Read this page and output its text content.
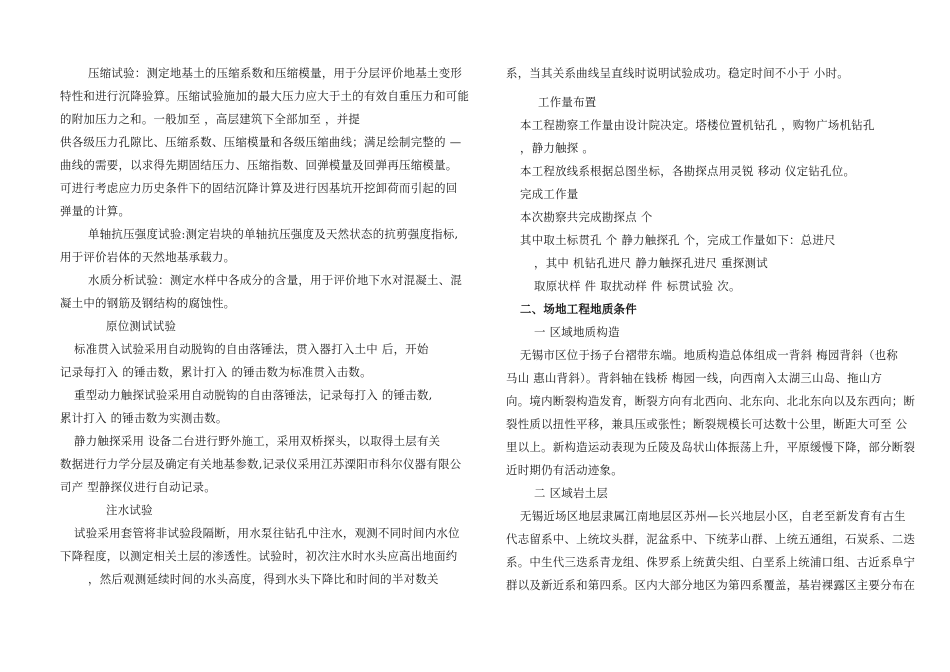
压缩试验：测定地基土的压缩系数和压缩模量，用于分层评价地基土变形
特性和进行沉降验算。压缩试验施加的最大压力应大于土的有效自重压力和可能
的附加压力之和。一般加至 ，高层建筑下全部加至 ，并提
供各级压力孔隙比、压缩系数、压缩模量和各级压缩曲线；满足绘制完整的 —
曲线的需要，以求得先期固结压力、压缩指数、回弹模量及回弹再压缩模量。
可进行考虑应力历史条件下的固结沉降计算及进行因基坑开挖卸荷而引起的回
弹量的计算。
单轴抗压强度试验:测定岩块的单轴抗压强度及天然状态的抗剪强度指标,
用于评价岩体的天然地基承载力。
水质分析试验：测定水样中各成分的含量，用于评价地下水对混凝土、混
凝土中的钢筋及钢结构的腐蚀性。
原位测试试验
标准贯入试验采用自动脱钩的自由落锤法，贯入器打入土中 后，开始
记录每打入 的锤击数，累计打入 的锤击数为标准贯入击数。
重型动力触探试验采用自动脱钩的自由落锤法，记录每打入 的锤击数,
累计打入 的锤击数为实测击数。
静力触探采用 设备二台进行野外施工，采用双桥探头，以取得土层有关
数据进行力学分层及确定有关地基参数,记录仪采用江苏溧阳市科尔仪器有限公
司产 型静探仪进行自动记录。
注水试验
试验采用套管将非试验段隔断，用水泵往钻孔中注水，观测不同时间内水位
下降程度，以测定相关土层的渗透性。试验时，初次注水时水头应高出地面约
，然后观测延续时间的水头高度，得到水头下降比和时间的半对数关
系，当其关系曲线呈直线时说明试验成功。稳定时间不小于 小时。
工作量布置
本工程勘察工作量由设计院决定。塔楼位置机钻孔 ，购物广场机钻孔
，静力触探 。
本工程放线系根据总图坐标，各勘探点用灵锐 移动 仪定钻孔位。
完成工作量
本次勘察共完成勘探点 个
其中取土标贯孔 个 静力触探孔 个，完成工作量如下：总进尺
，其中 机钻孔进尺 静力触探孔进尺 重探测试
取原状样 件 取扰动样 件 标贯试验 次。
二、场地工程地质条件
一 区域地质构造
无锡市区位于扬子台褶带东端。地质构造总体组成一背斜 梅园背斜（也称
马山 惠山背斜）。背斜轴在钱桥 梅园一线，向西南入太湖三山岛、拖山方
向。境内断裂构造发育，断裂方向有北西向、北东向、北北东向以及东西向；断
裂性质以扭性平移，兼具压或张性；断裂规模长可达数十公里，断距大可至 公
里以上。新构造运动表现为丘陵及岛状山体振荡上升，平原缓慢下降，部分断裂
近时期仍有活动迹象。
二 区域岩土层
无锡近场区地层隶属江南地层区苏州—长兴地层小区，自老至新发育有古生
代志留系中、上统坟头群，泥盆系中、下统茅山群、上统五通组，石炭系、二迭
系。中生代三迭系青龙组、侏罗系上统黄尖组、白垩系上统浦口组、古近系阜宁
群以及新近系和第四系。区内大部分地区为第四系覆盖，基岩裸露区主要分布在
